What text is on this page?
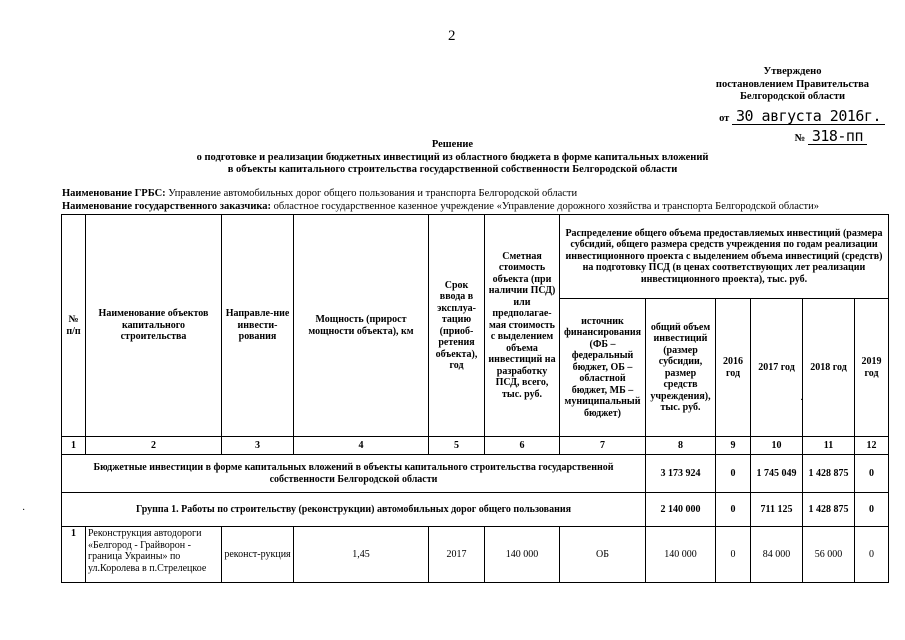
2
Утверждено
постановлением Правительства
Белгородской области
от 30 августа 2016г.
№ 318-пп
Решение
о подготовке и реализации бюджетных инвестиций из областного бюджета в форме капитальных вложений
в объекты капитального строительства государственной собственности Белгородской области
Наименование ГРБС: Управление автомобильных дорог общего пользования и транспорта Белгородской области
Наименование государственного заказчика: областное государственное казенное учреждение «Управление дорожного хозяйства и транспорта Белгородской области»
№ п/п	Наименование объектов капитального строительства	Направле-ние инвести-рования	Мощность (прирост мощности объекта), км	Срок ввода в эксплуа-тацию (приоб-ретения объекта), год	Сметная стоимость объекта (при наличии ПСД) или предполагае-мая стоимость с выделением объема инвестиций на разработку ПСД, всего, тыс. руб.	Распределение общего объема предоставляемых инвестиций (размера субсидий, общего размера средств учреждения по годам реализации инвестиционного проекта с выделением объема инвестиций (средств) на подготовку ПСД (в ценах соответствующих лет реализации инвестиционного проекта), тыс. руб.					
						источник финансирования (ФБ – федеральный бюджет, ОБ – областной бюджет, МБ – муниципальный бюджет)	общий объем инвестиций (размер субсидии, размер средств учреждения), тыс. руб.	2016 год	2017 год	2018 год	2019 год
1	2	3	4	5	6	7	8	9	10	11	12
Бюджетные инвестиции в форме капитальных вложений в объекты капитального строительства государственной собственности Белгородской области							3 173 924	0	1 745 049	1 428 875	0
Группа 1. Работы по строительству (реконструкции) автомобильных дорог общего пользования							2 140 000	0	711 125	1 428 875	0
1	Реконструкция автодороги «Белгород - Грайворон - граница Украины» по ул.Королева в п.Стрелецкое	реконст-рукция	1,45	2017	140 000	ОБ	140 000	0	84 000	56 000	0
·
·
